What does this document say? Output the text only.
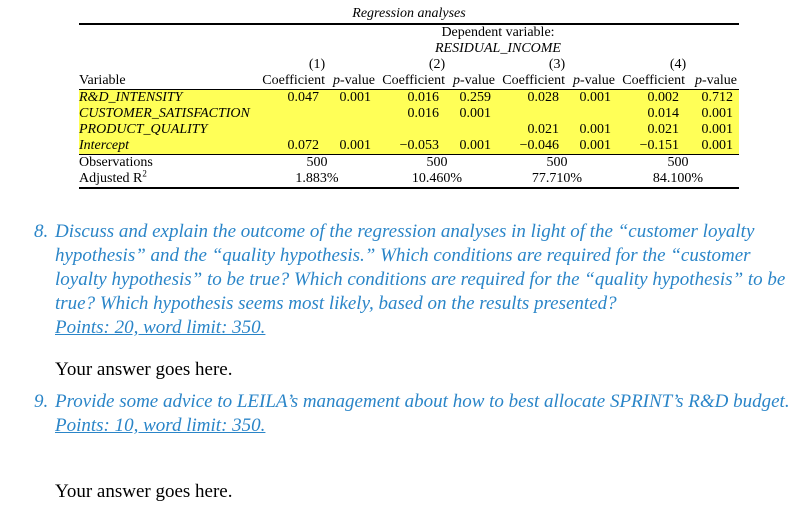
Regression analyses
	Dependent variable:							
	RESIDUAL_INCOME							
	(1)		(2)		(3)		(4)	
Variable	Coefficient	p-value	Coefficient	p-value	Coefficient	p-value	Coefficient	p-value
R&D_INTENSITY	0.047	0.001	0.016	0.259	0.028	0.001	0.002	0.712
CUSTOMER_SATISFACTION			0.016	0.001			0.014	0.001
PRODUCT_QUALITY					0.021	0.001	0.021	0.001
Intercept	0.072	0.001	−0.053	0.001	−0.046	0.001	−0.151	0.001
Observations	500		500		500		500	
Adjusted $R^2$	1.883%		10.460%		77.710%		84.100%	
8. Discuss and explain the outcome of the regression analyses in light of the “customer loyalty hypothesis” and the “quality hypothesis.” Which conditions are required for the “customer loyalty hypothesis” to be true? Which conditions are required for the “quality hypothesis” to be true? Which hypothesis seems most likely, based on the results presented?
Points: 20, word limit: 350.
Your answer goes here.
9. Provide some advice to LEILA’s management about how to best allocate SPRINT’s R&D budget.
Points: 10, word limit: 350.
Your answer goes here.
